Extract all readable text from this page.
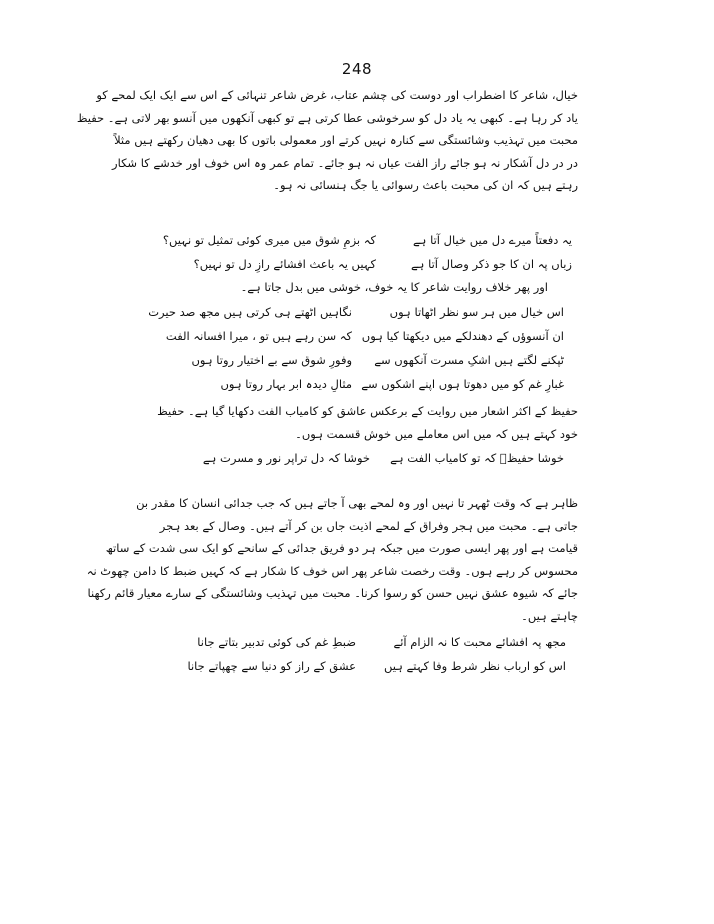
248

خیال، شاعر کا اضطراب اور دوست کی چشم عتاب، غرض شاعر تنہائی کے اس سے ایک ایک لمحے کو
یاد کر رہا ہے۔ کبھی یہ یاد دل کو سرخوشی عطا کرتی ہے تو کبھی آنکھوں میں آنسو بھر لاتی ہے۔ حفیظ
محبت میں تہذیب وشائستگی سے کنارہ نہیں کرتے اور معمولی باتوں کا بھی دھیان رکھتے ہیں مثلاً
در در دل آشکار نہ ہو جائے راز الفت عیاں نہ ہو جائے۔ تمام عمر وہ اس خوف اور خدشے کا شکار
رہتے ہیں کہ ان کی محبت باعث رسوائی یا جگ ہنسائی نہ ہو۔

یہ دفعتاً میرے دل میں خیال آتا ہے
کہ بزمِ شوق میں میری کوئی تمثیل تو نہیں؟
زباں پہ ان کا جو ذکر وصال آتا ہے
کہیں یہ باعث افشائے رازِ دل تو نہیں؟
اور پھر خلاف روایت شاعر کا یہ خوف، خوشی میں بدل جاتا ہے۔
اس خیال میں ہر سو نظر اٹھاتا ہوں
نگاہیں اٹھتے ہی کرتی ہیں مجھ صد حیرت
ان آنسوؤں کے دھندلکے میں دیکھتا کیا ہوں
کہ سن رہے ہیں تو ، میرا افسانہ الفت
ٹپکنے لگتے ہیں اشکِ مسرت آنکھوں سے
وفورِ شوق سے بے اختیار روتا ہوں
غبارِ غم کو میں دھوتا ہوں اپنے اشکوں سے
مثالِ دیدہ ابر بہار روتا ہوں

حفیظ کے اکثر اشعار میں روایت کے برعکس عاشق کو کامیاب الفت دکھایا گیا ہے۔ حفیظ
خود کہتے ہیں کہ میں اس معاملے میں خوش قسمت ہوں۔

خوشا حفیظؔ کہ تو کامیاب الفت ہے
خوشا کہ دل تراپر نور و مسرت ہے

ظاہر ہے کہ وقت ٹھہر تا نہیں اور وہ لمحے بھی آ جاتے ہیں کہ جب جدائی انسان کا مقدر بن
جاتی ہے۔ محبت میں ہجر وفراق کے لمحے اذیت جاں بن کر آتے ہیں۔ وصال کے بعد ہجر
قیامت ہے اور پھر ایسی صورت میں جبکہ ہر دو فریق جدائی کے سانحے کو ایک سی شدت کے ساتھ
محسوس کر رہے ہوں۔ وقت رخصت شاعر پھر اس خوف کا شکار ہے کہ کہیں ضبط کا دامن چھوٹ نہ
جائے کہ شیوہ عشق نہیں حسن کو رسوا کرنا۔ محبت میں تہذیب وشائستگی کے سارے معیار قائم رکھنا
چاہتے ہیں۔

مجھ پہ افشائے محبت کا نہ الزام آئے
ضبطِ غم کی کوئی تدبیر بتاتے جانا
اس کو ارباب نظر شرط وفا کہتے ہیں
عشق کے راز کو دنیا سے چھپاتے جانا
